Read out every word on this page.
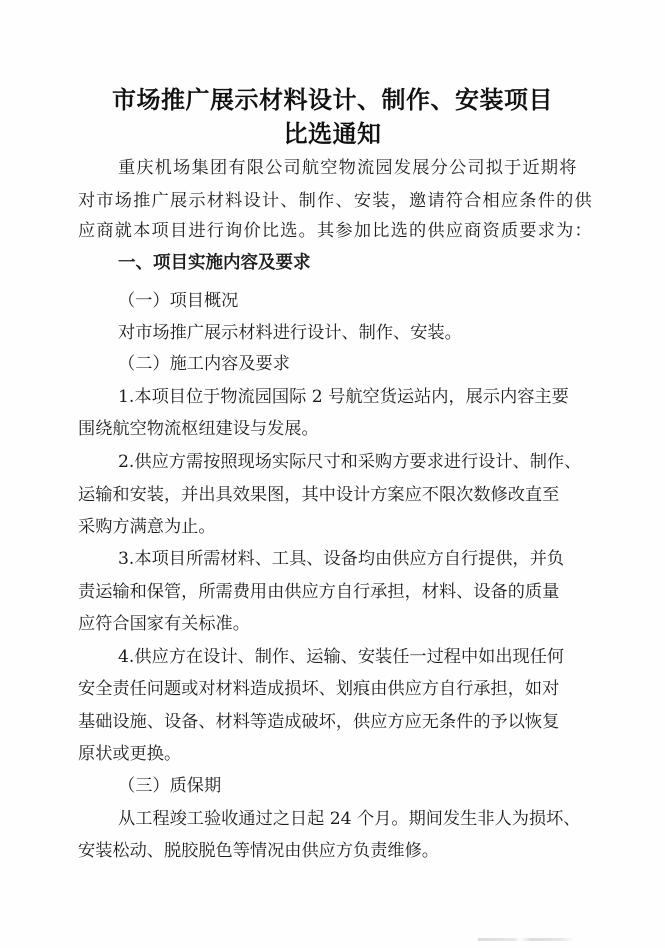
市场推广展示材料设计、制作、安装项目
比选通知
重庆机场集团有限公司航空物流园发展分公司拟于近期将
对市场推广展示材料设计、制作、安装，邀请符合相应条件的供
应商就本项目进行询价比选。其参加比选的供应商资质要求为：
一、项目实施内容及要求
（一）项目概况
对市场推广展示材料进行设计、制作、安装。
（二）施工内容及要求
1.本项目位于物流园国际 2 号航空货运站内，展示内容主要
围绕航空物流枢纽建设与发展。
2.供应方需按照现场实际尺寸和采购方要求进行设计、制作、
运输和安装，并出具效果图，其中设计方案应不限次数修改直至
采购方满意为止。
3.本项目所需材料、工具、设备均由供应方自行提供，并负
责运输和保管，所需费用由供应方自行承担，材料、设备的质量
应符合国家有关标准。
4.供应方在设计、制作、运输、安装任一过程中如出现任何
安全责任问题或对材料造成损坏、划痕由供应方自行承担，如对
基础设施、设备、材料等造成破坏，供应方应无条件的予以恢复
原状或更换。
（三）质保期
从工程竣工验收通过之日起 24 个月。期间发生非人为损坏、
安装松动、脱胶脱色等情况由供应方负责维修。
